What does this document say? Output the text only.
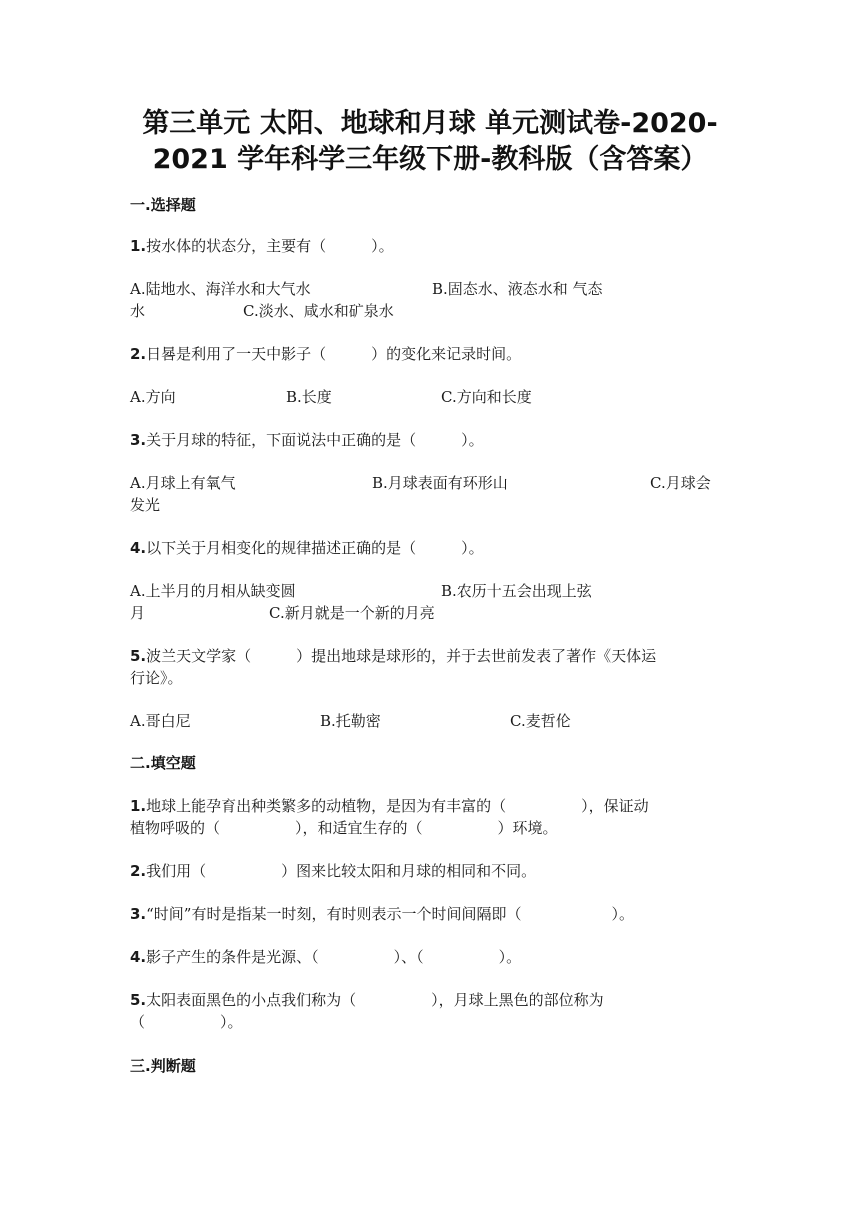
第三单元 太阳、地球和月球 单元测试卷-2020-
2021 学年科学三年级下册-教科版（含答案）
一.选择题
1.按水体的状态分，主要有（　　　）。
A.陆地水、海洋水和大气水	B.固态水、液态水和 气态
水	C.淡水、咸水和矿泉水
2.日晷是利用了一天中影子（　　　）的变化来记录时间。
A.方向	B.长度	C.方向和长度
3.关于月球的特征，下面说法中正确的是（　　　）。
A.月球上有氧气	B.月球表面有环形山	C.月球会
发光
4.以下关于月相变化的规律描述正确的是（　　　）。
A.上半月的月相从缺变圆	B.农历十五会出现上弦
月	C.新月就是一个新的月亮
5.波兰天文学家（　　　）提出地球是球形的，并于去世前发表了著作《天体运
行论》。
A.哥白尼	B.托勒密	C.麦哲伦
二.填空题
1.地球上能孕育出种类繁多的动植物，是因为有丰富的（　　　　　），保证动
植物呼吸的（　　　　　），和适宜生存的（　　　　　）环境。
2.我们用（　　　　　）图来比较太阳和月球的相同和不同。
3.“时间”有时是指某一时刻，有时则表示一个时间间隔即（　　　　　　）。
4.影子产生的条件是光源、（　　　　　）、（　　　　　）。
5.太阳表面黑色的小点我们称为（　　　　　），月球上黑色的部位称为
（　　　　　）。
三.判断题
